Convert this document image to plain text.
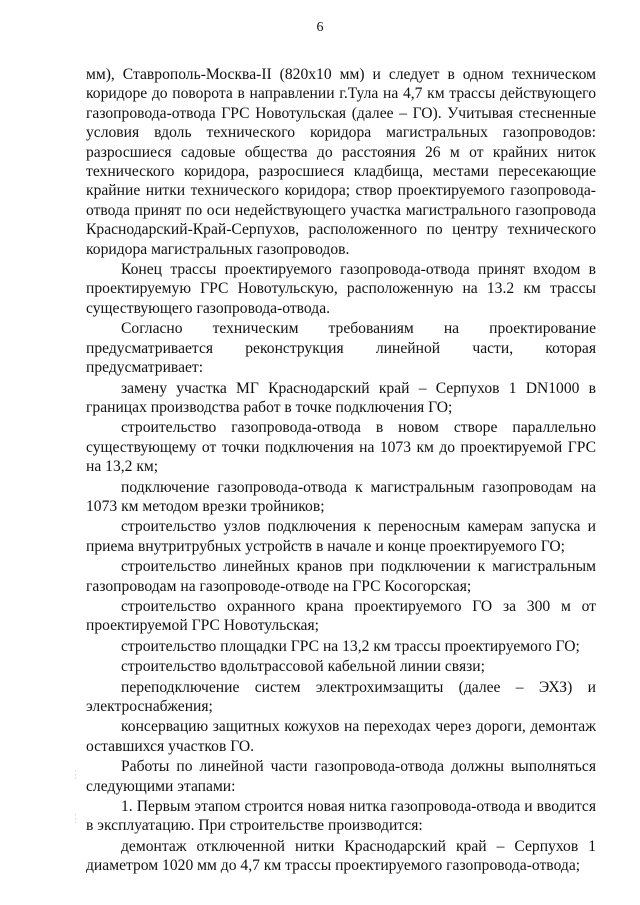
6
⋮
⋮

мм), Ставрополь-Москва-II (820x10 мм) и следует в одном техническом коридоре до поворота в направлении г.Тула на 4,7 км трассы действующего газопровода-отвода ГРС Новотульская (далее – ГО). Учитывая стесненные условия вдоль технического коридора магистральных газопроводов: разросшиеся садовые общества до расстояния 26 м от крайних ниток технического коридора, разросшиеся кладбища, местами пересекающие крайние нитки технического коридора; створ проектируемого газопровода-отвода принят по оси недействующего участка магистрального газопровода Краснодарский-Край-Серпухов, расположенного по центру технического коридора магистральных газопроводов.

Конец трассы проектируемого газопровода-отвода принят входом в проектируемую ГРС Новотульскую, расположенную на 13.2 км трассы существующего газопровода-отвода.

Согласно техническим требованиям на проектирование предусматривается реконструкция линейной части, которая предусматривает:

замену участка МГ Краснодарский край – Серпухов 1 DN1000 в границах производства работ в точке подключения ГО;

строительство газопровода-отвода в новом створе параллельно существующему от точки подключения на 1073 км до проектируемой ГРС на 13,2 км;

подключение газопровода-отвода к магистральным газопроводам на 1073 км методом врезки тройников;

строительство узлов подключения к переносным камерам запуска и приема внутритрубных устройств в начале и конце проектируемого ГО;

строительство линейных кранов при подключении к магистральным газопроводам на газопроводе-отводе на ГРС Косогорская;

строительство охранного крана проектируемого ГО за 300 м от проектируемой ГРС Новотульская;

строительство площадки ГРС на 13,2 км трассы проектируемого ГО;

строительство вдольтрассовой кабельной линии связи;

переподключение систем электрохимзащиты (далее – ЭХЗ) и электроснабжения;

консервацию защитных кожухов на переходах через дороги, демонтаж оставшихся участков ГО.

Работы по линейной части газопровода-отвода должны выполняться следующими этапами:

1. Первым этапом строится новая нитка газопровода-отвода и вводится в эксплуатацию. При строительстве производится:

демонтаж отключенной нитки Краснодарский край – Серпухов 1 диаметром 1020 мм до 4,7 км трассы проектируемого газопровода-отвода;
